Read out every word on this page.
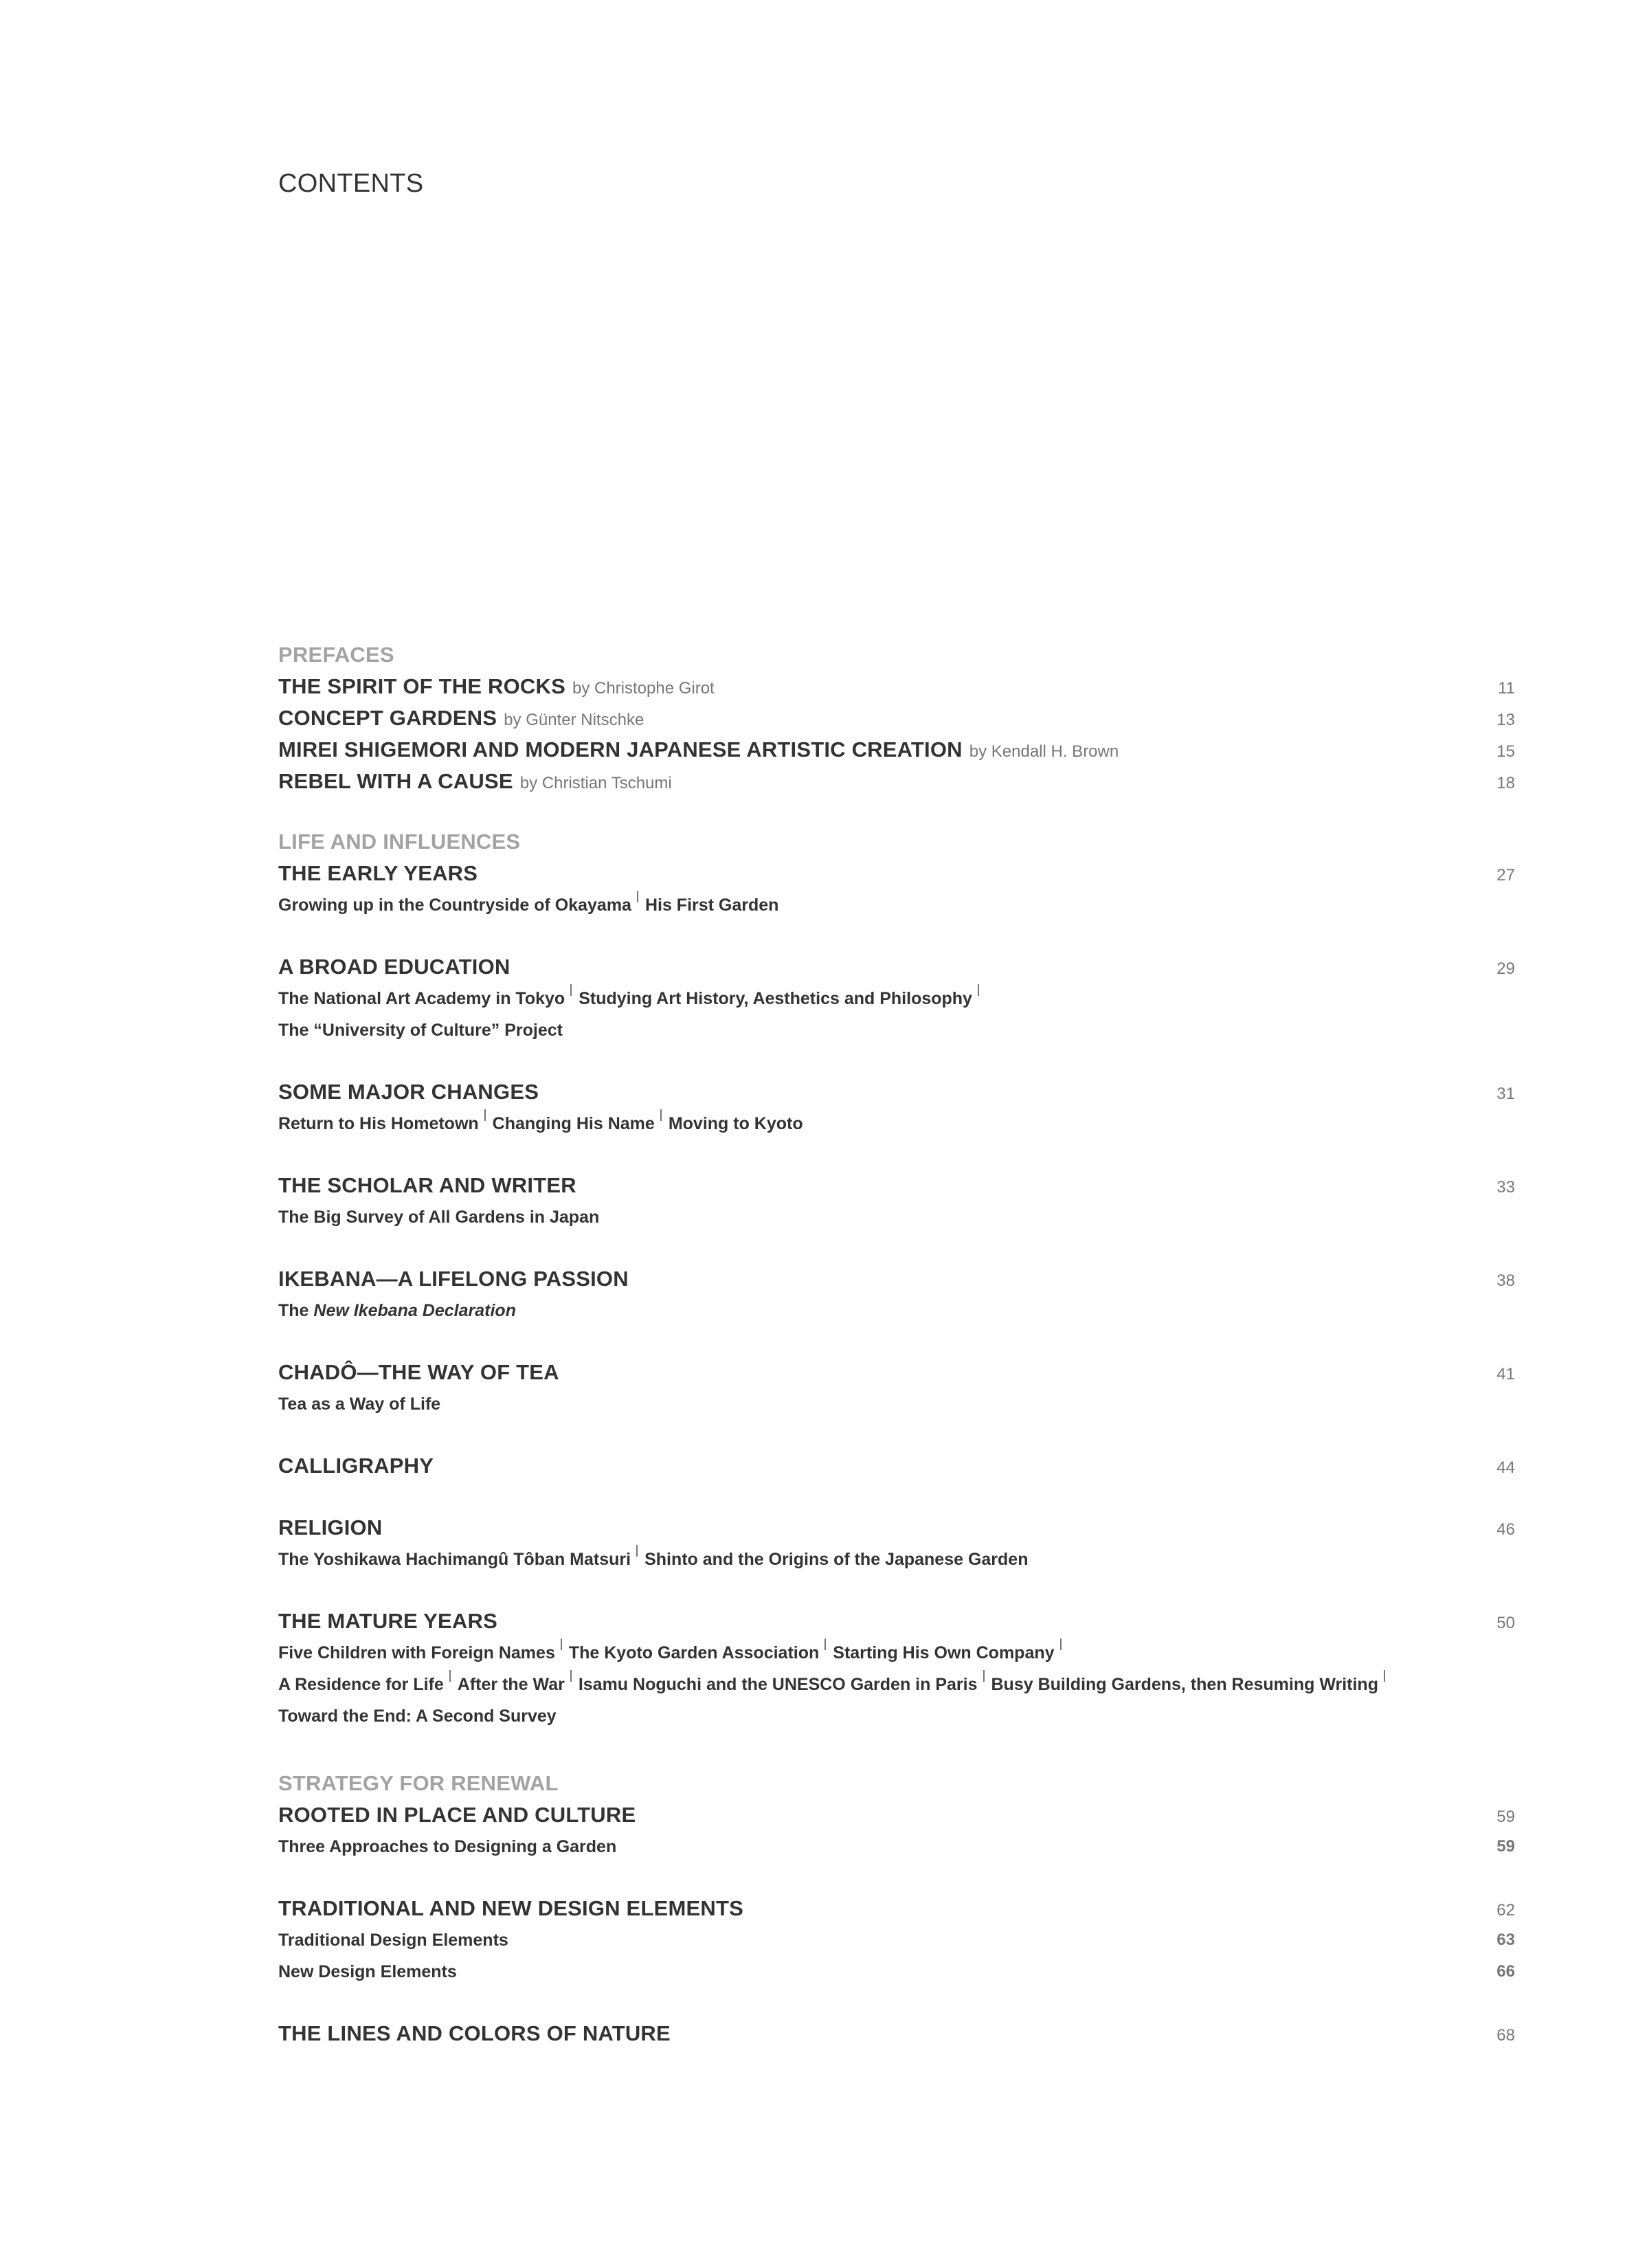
CONTENTS
PREFACES
THE SPIRIT OF THE ROCKS by Christophe Girot	11
CONCEPT GARDENS by Günter Nitschke	13
MIREI SHIGEMORI AND MODERN JAPANESE ARTISTIC CREATION by Kendall H. Brown	15
REBEL WITH A CAUSE by Christian Tschumi	18
LIFE AND INFLUENCES
THE EARLY YEARS	27
Growing up in the Countryside of Okayama His First Garden
A BROAD EDUCATION	29
The National Art Academy in Tokyo Studying Art History, Aesthetics and Philosophy
The “University of Culture” Project
SOME MAJOR CHANGES	31
Return to His Hometown Changing His Name Moving to Kyoto
THE SCHOLAR AND WRITER	33
The Big Survey of All Gardens in Japan
IKEBANA—A LIFELONG PASSION	38
The New Ikebana Declaration
CHADÔ—THE WAY OF TEA	41
Tea as a Way of Life
CALLIGRAPHY	44
RELIGION	46
The Yoshikawa Hachimangû Tôban Matsuri Shinto and the Origins of the Japanese Garden
THE MATURE YEARS	50
Five Children with Foreign Names The Kyoto Garden Association Starting His Own Company
A Residence for Life After the War Isamu Noguchi and the UNESCO Garden in Paris Busy Building Gardens, then Resuming Writing
Toward the End: A Second Survey
STRATEGY FOR RENEWAL
ROOTED IN PLACE AND CULTURE	59
Three Approaches to Designing a Garden	59
TRADITIONAL AND NEW DESIGN ELEMENTS	62
Traditional Design Elements	63
New Design Elements	66
THE LINES AND COLORS OF NATURE	68
